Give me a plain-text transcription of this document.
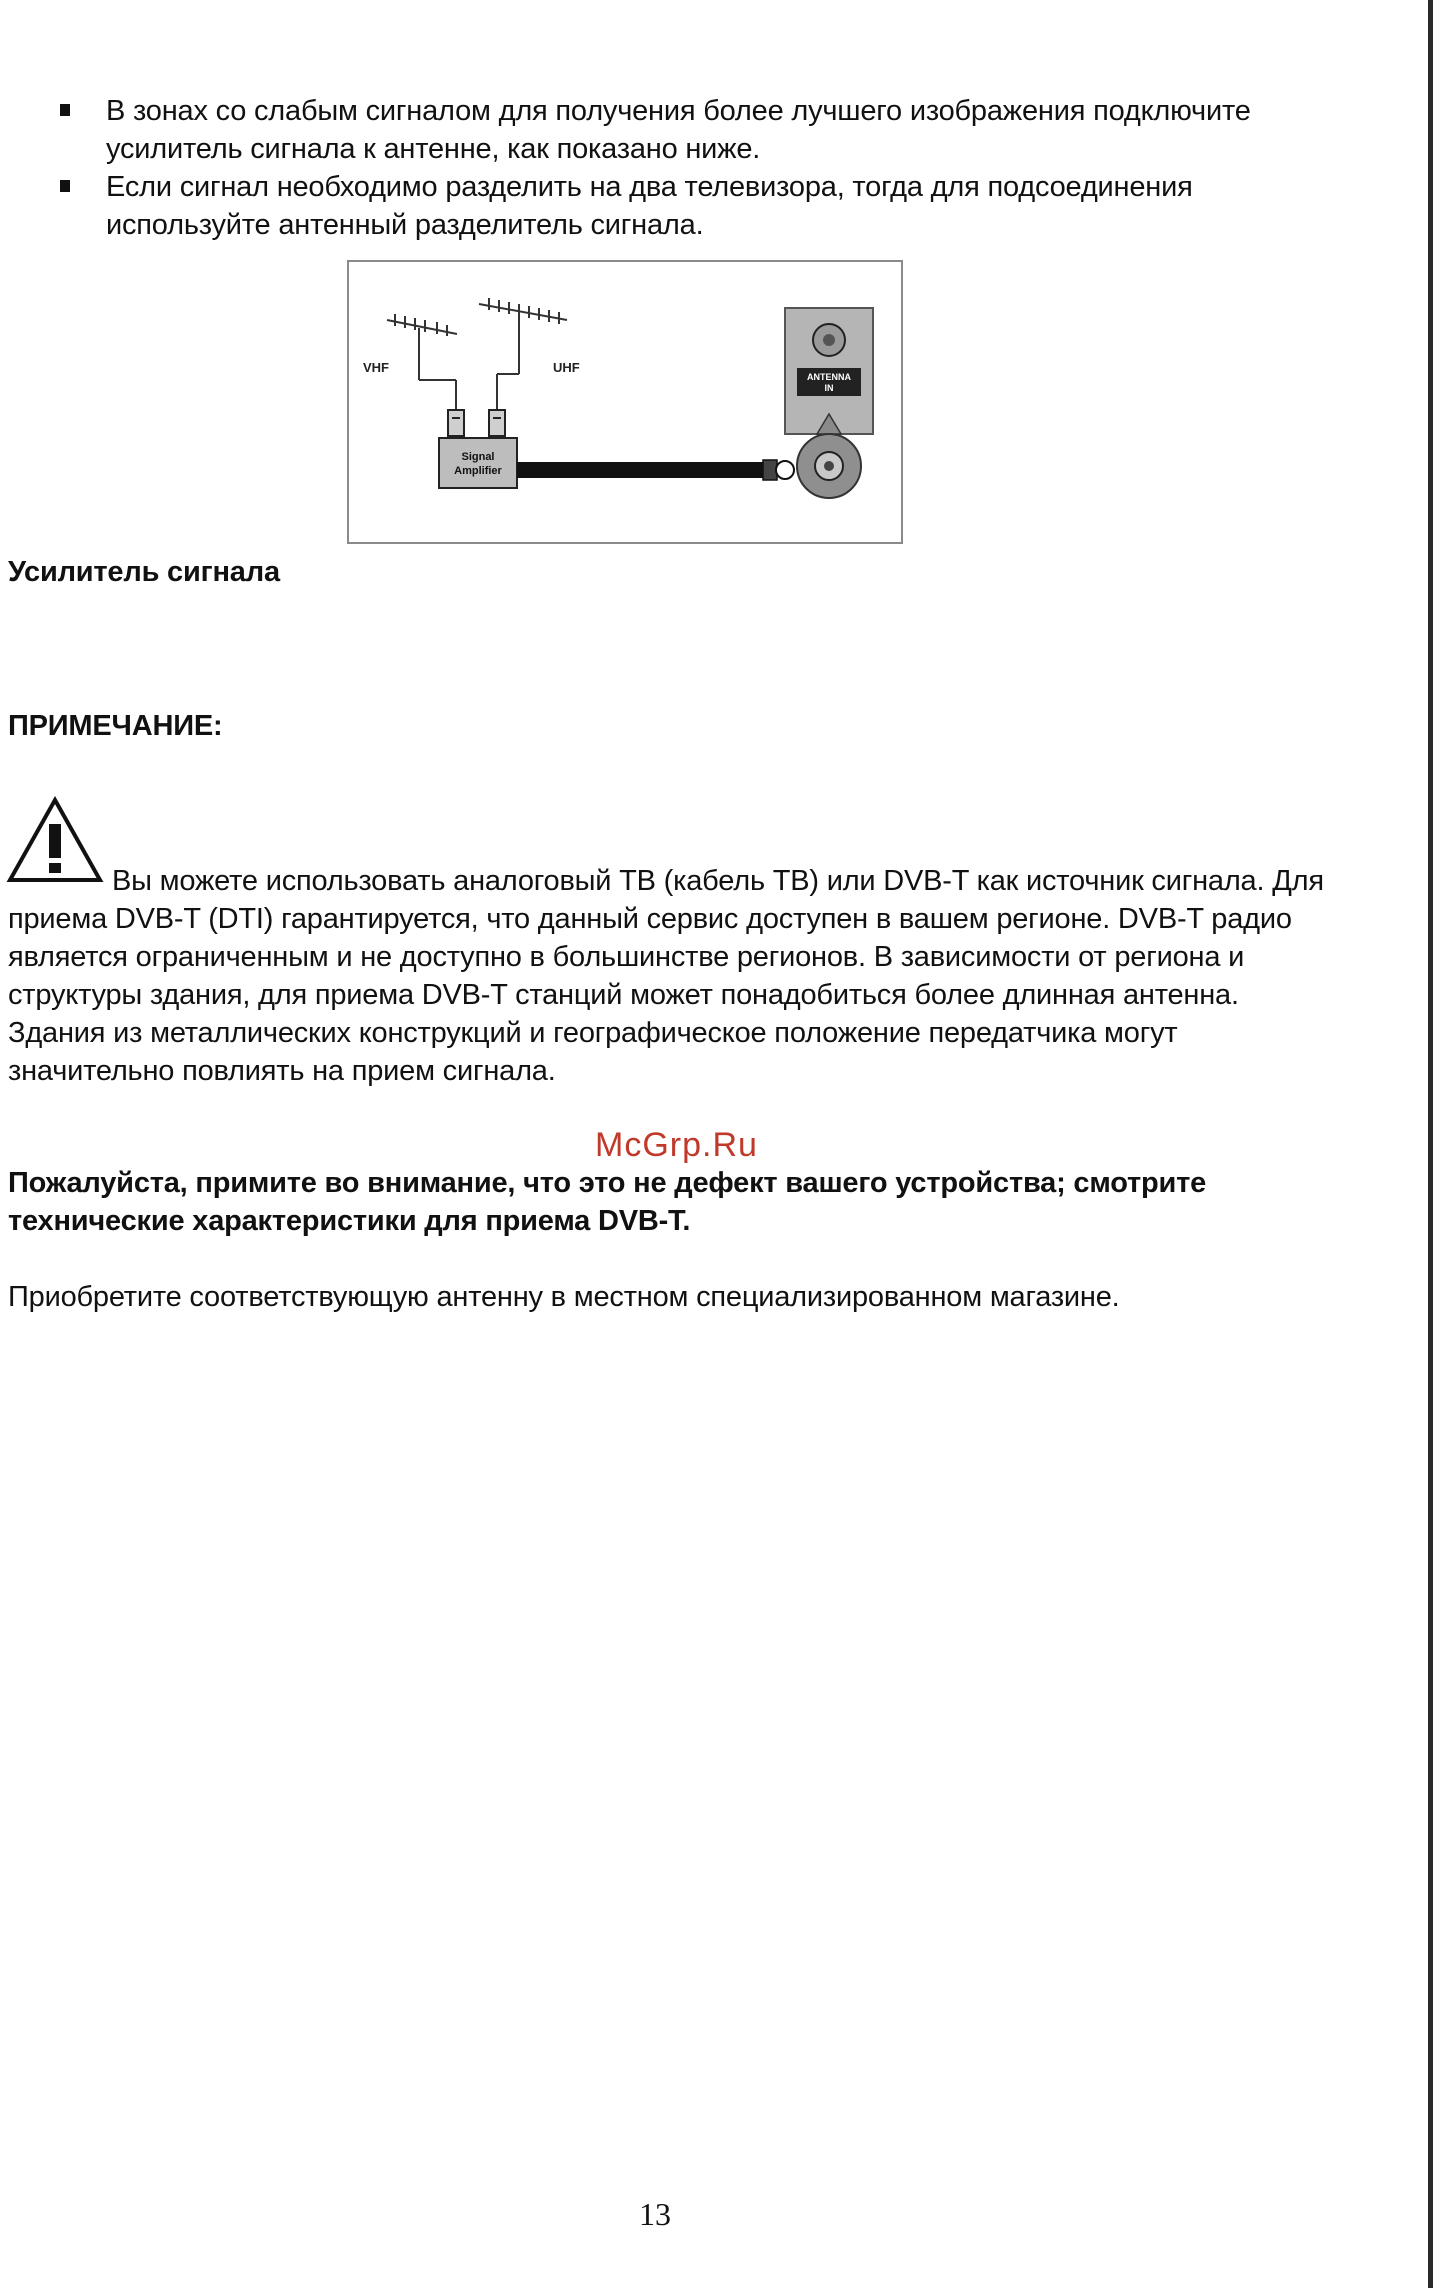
В зонах со слабым сигналом для получения более лучшего изображения подключите усилитель сигнала к антенне, как показано ниже.
Если сигнал необходимо разделить на два телевизора, тогда для подсоединения используйте антенный разделитель сигнала.
VHF	UHF
Signal
Amplifier
ANTENNA
IN
Усилитель сигнала
ПРИМЕЧАНИЕ:

Вы можете использовать аналоговый ТВ (кабель ТВ) или DVB-T как источник сигнала. Для приема DVB-T (DTI) гарантируется, что данный сервис доступен в вашем регионе. DVB-T радио является ограниченным и не доступно в большинстве регионов. В зависимости от региона и структуры здания, для приема DVB-T станций может понадобиться более длинная антенна. Здания из металлических конструкций и географическое положение передатчика могут значительно повлиять на прием сигнала.

McGrp.Ru

Пожалуйста, примите во внимание, что это не дефект вашего устройства; смотрите технические характеристики для приема DVB-T.

Приобретите соответствующую антенну в местном специализированном магазине.

13
